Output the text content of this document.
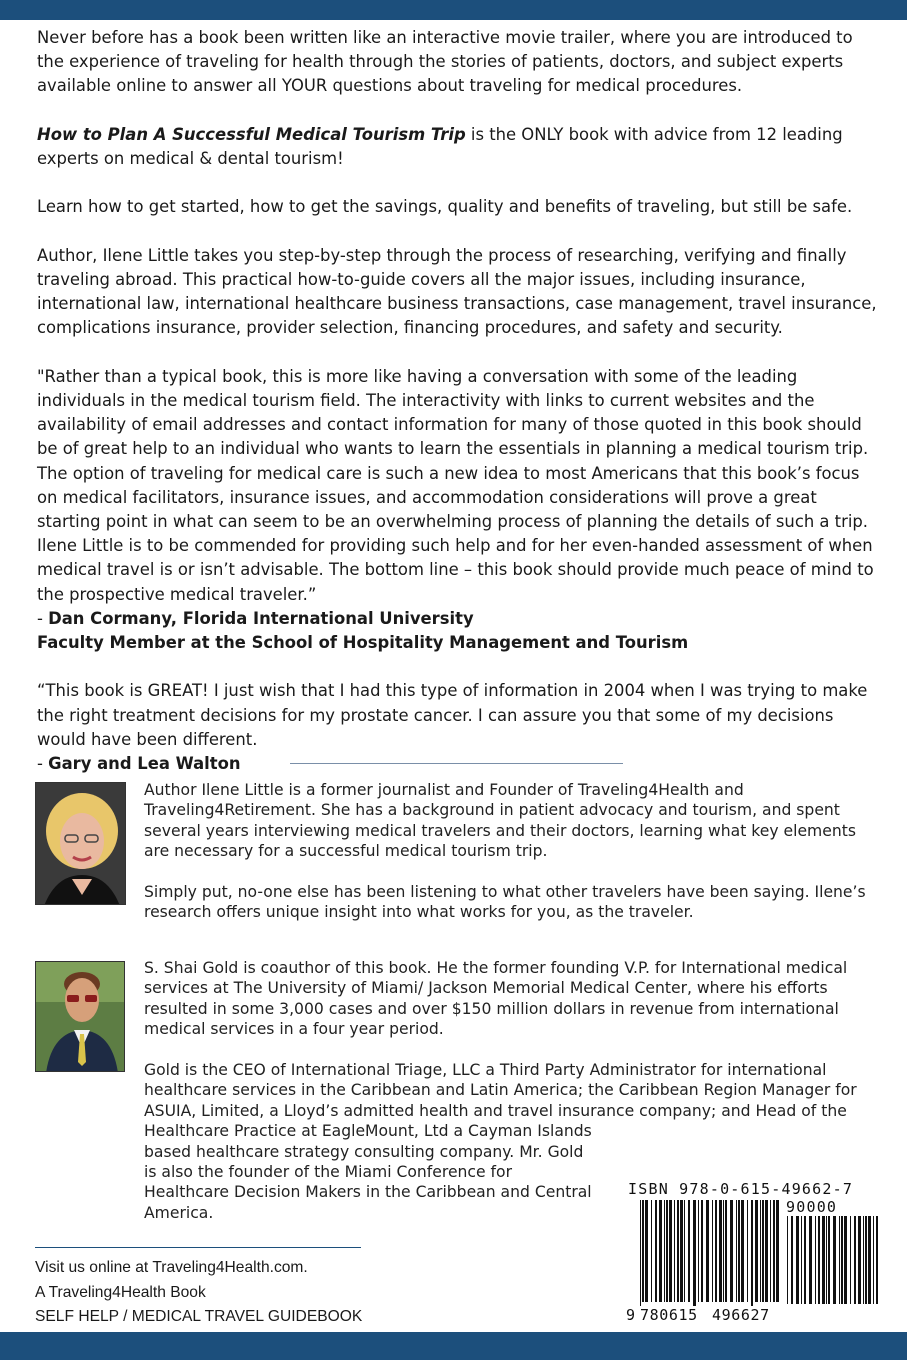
Never before has a book been written like an interactive movie trailer, where you are introduced to the experience of traveling for health through the stories of patients, doctors, and subject experts available online to answer all YOUR questions about traveling for medical procedures.

How to Plan A Successful Medical Tourism Trip is the ONLY book with advice from 12 leading experts on medical & dental tourism!

Learn how to get started, how to get the savings, quality and benefits of traveling, but still be safe.

Author, Ilene Little takes you step-by-step through the process of researching, verifying and finally traveling abroad. This practical how-to-guide covers all the major issues, including insurance, international law, international healthcare business transactions, case management, travel insurance, complications insurance, provider selection, financing procedures, and safety and security.

"Rather than a typical book, this is more like having a conversation with some of the leading individuals in the medical tourism field. The interactivity with links to current websites and the availability of email addresses and contact information for many of those quoted in this book should be of great help to an individual who wants to learn the essentials in planning a medical tourism trip. The option of traveling for medical care is such a new idea to most Americans that this book’s focus on medical facilitators, insurance issues, and accommodation considerations will prove a great starting point in what can seem to be an overwhelming process of planning the details of such a trip. Ilene Little is to be commended for providing such help and for her even-handed assessment of when medical travel is or isn’t advisable. The bottom line – this book should provide much peace of mind to the prospective medical traveler.”

- Dan Cormany, Florida International University

Faculty Member at the School of Hospitality Management and Tourism

“This book is GREAT! I just wish that I had this type of information in 2004 when I was trying to make the right treatment decisions for my prostate cancer. I can assure you that some of my decisions would have been different.

- Gary and Lea Walton

Author Ilene Little is a former journalist and Founder of Traveling4Health and Traveling4Retirement. She has a background in patient advocacy and tourism, and spent several years interviewing medical travelers and their doctors, learning what key elements are necessary for a successful medical tourism trip.

Simply put, no-one else has been listening to what other travelers have been saying. Ilene’s research offers unique insight into what works for you, as the traveler.

S. Shai Gold is coauthor of this book. He the former founding V.P. for International medical services at The University of Miami/ Jackson Memorial Medical Center, where his efforts resulted in some 3,000 cases and over $150 million dollars in revenue from international medical services in a four year period.

Gold is the CEO of International Triage, LLC a Third Party Administrator for international healthcare services in the Caribbean and Latin America; the Caribbean Region Manager for ASUIA, Limited, a Lloyd’s admitted health and travel insurance company; and Head of the

Healthcare Practice at EagleMount, Ltd a Cayman Islands based healthcare strategy consulting company. Mr. Gold is also the founder of the Miami Conference for Healthcare Decision Makers in the Caribbean and Central America.

Visit us online at Traveling4Health.com.
A Traveling4Health Book
SELF HELP / MEDICAL TRAVEL GUIDEBOOK
ISBN 978-0-615-49662-7
90000
9 780615 496627
